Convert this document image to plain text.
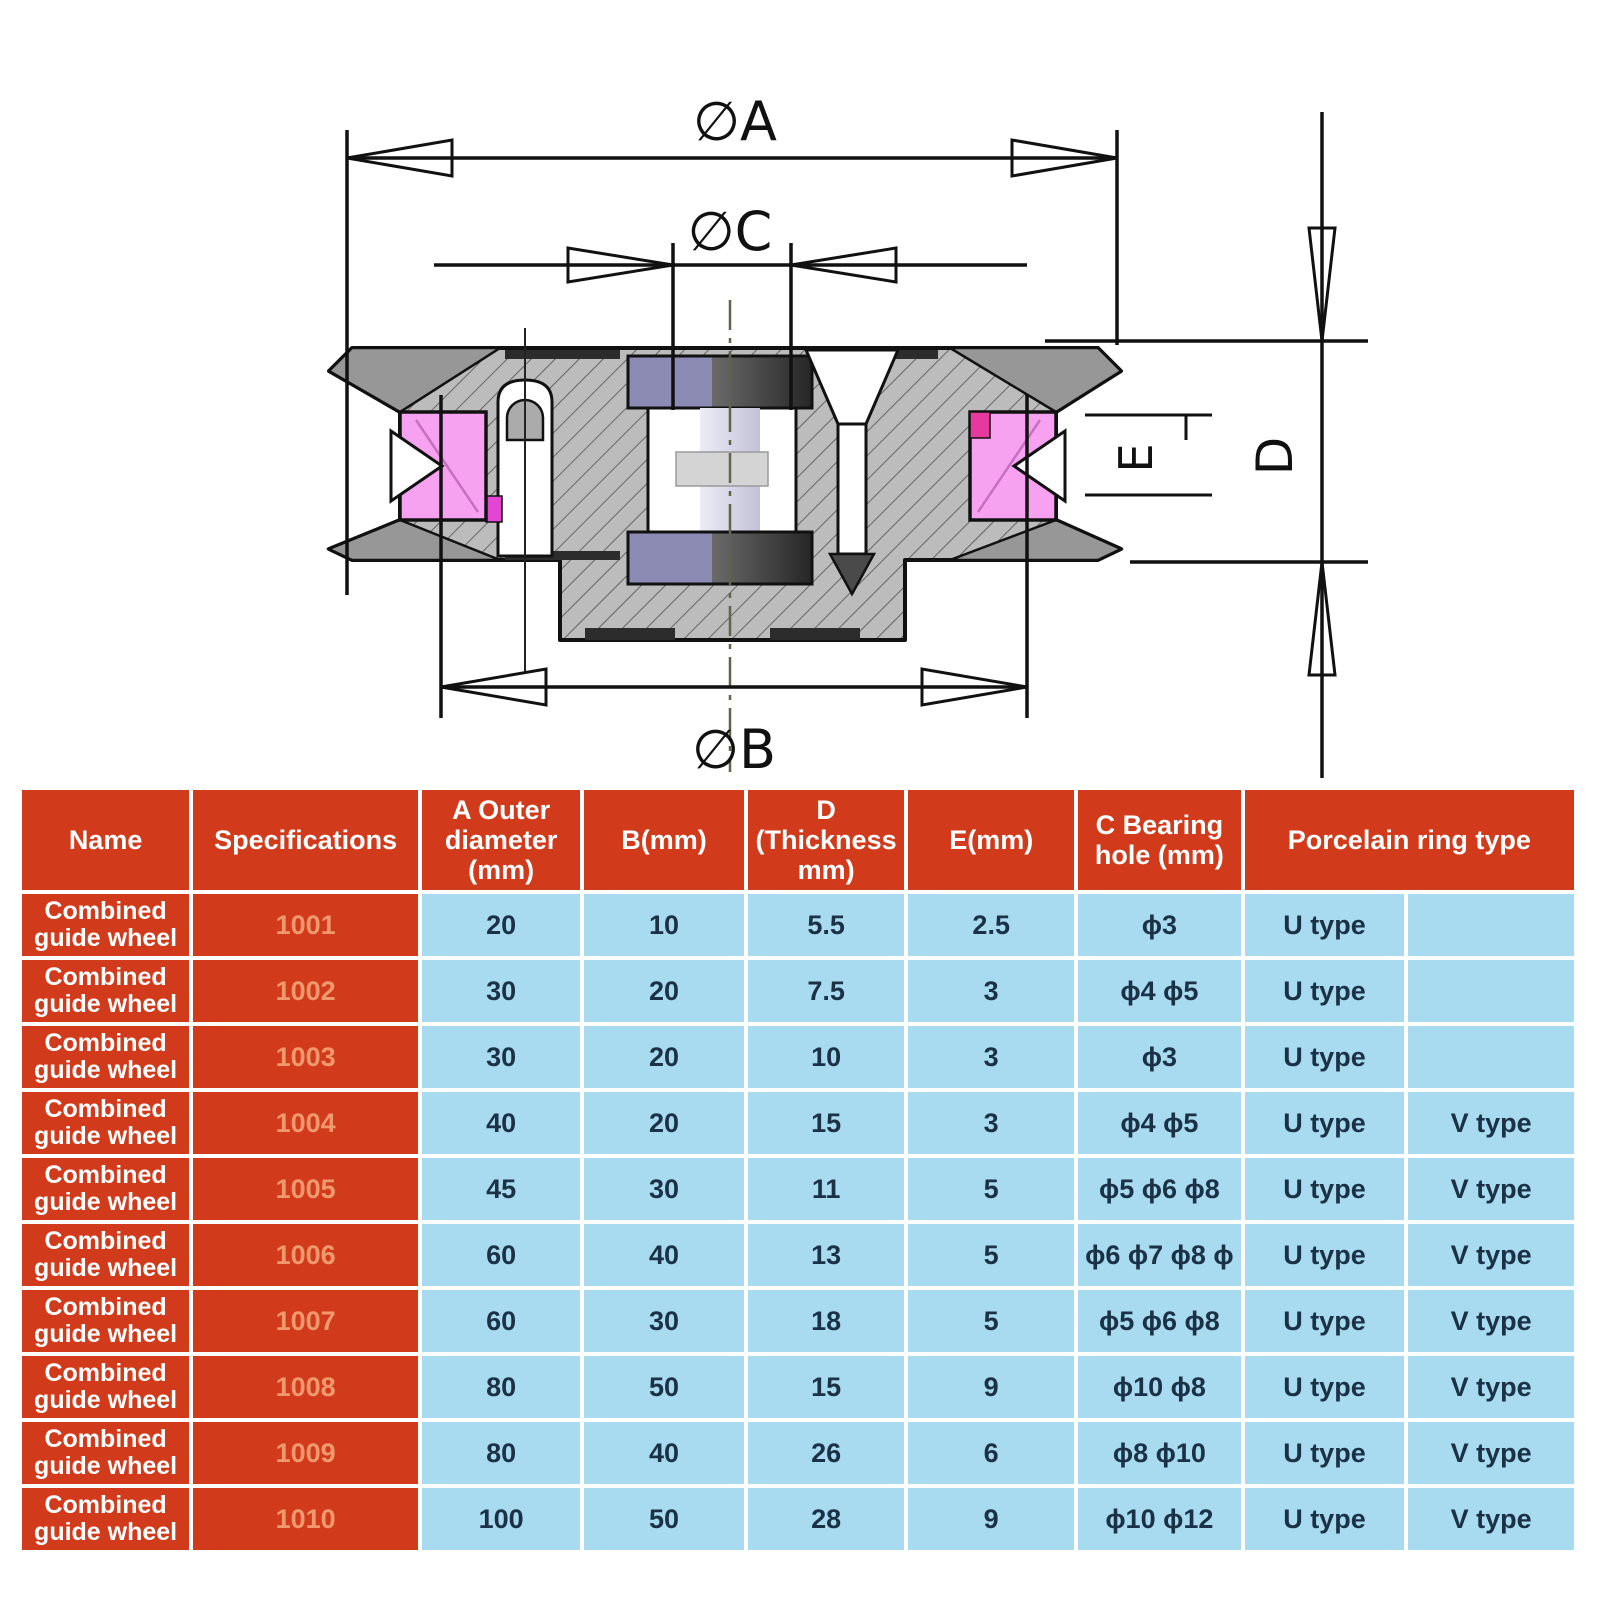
∅A
∅C
∅B
D
E
Name	Specifications	A Outer diameter (mm)	B(mm)	D (Thickness mm)	E(mm)	C Bearing hole (mm)	Porcelain ring type	
Combined guide wheel	1001	20	10	5.5	2.5	ϕ3	U type	
Combined guide wheel	1002	30	20	7.5	3	ϕ4 ϕ5	U type	
Combined guide wheel	1003	30	20	10	3	ϕ3	U type	
Combined guide wheel	1004	40	20	15	3	ϕ4 ϕ5	U type	V type
Combined guide wheel	1005	45	30	11	5	ϕ5 ϕ6 ϕ8	U type	V type
Combined guide wheel	1006	60	40	13	5	ϕ6 ϕ7 ϕ8 ϕ	U type	V type
Combined guide wheel	1007	60	30	18	5	ϕ5 ϕ6 ϕ8	U type	V type
Combined guide wheel	1008	80	50	15	9	ϕ10 ϕ8	U type	V type
Combined guide wheel	1009	80	40	26	6	ϕ8 ϕ10	U type	V type
Combined guide wheel	1010	100	50	28	9	ϕ10 ϕ12	U type	V type
